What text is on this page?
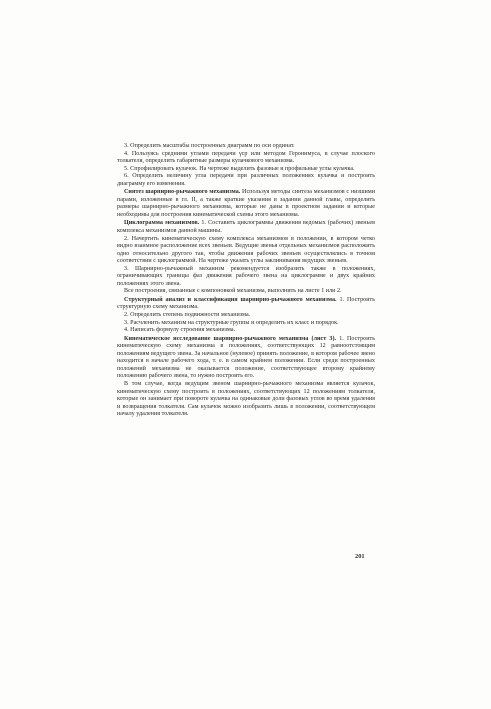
3. Определить масштабы построенных диаграмм по оси ординат.

4. Пользуясь средними углами передачи γср или методом Геронимуса, в случае плоского толкателя, определить габаритные размеры кулачкового механизма.

5. Спрофилировать кулачок. На чертеже выделить фазовые и профильные углы кулачка.

6. Определить величину угла передачи при различных положениях кулачка и построить диаграмму его изменения.

Синтез шарнирно-рычажного механизма. Используя методы синтеза механизмов с низшими парами, изложенные в гл. II, а также краткие указания в задании данной главы, определить размеры шарнирно-рычажного механизма, которые не даны в проектном задании и которые необходимы для построения кинематической схемы этого механизма.

Циклограмма механизмов. 1. Составить циклограммы движения ведомых (рабочих) звеньев комплекса механизмов данной машины.

2. Начертить кинематическую схему комплекса механизмов в положении, в котором четко видно взаимное расположение всех звеньев. Ведущие звенья отдельных механизмов расположить одно относительно другого так, чтобы движения рабочих звеньев осуществлялись в точном соответствии с циклограммой. На чертеже указать углы заклинивания ведущих звеньев.

3. Шарнирно-рычажный механизм рекомендуется изобразить также в положениях, ограничивающих границы фаз движения рабочего звена на циклограмме и двух крайних положениях этого звена.

Все построения, связанные с компоновкой механизма, выполнить на листе 1 или 2.

Структурный анализ и классификация шарнирно-рычажного механизма. 1. Построить структурную схему механизма.

2. Определить степень подвижности механизма.

3. Расчленить механизм на структурные группы и определить их класс и порядок.

4. Написать формулу строения механизма.

Кинематическое исследование шарнирно-рычажного механизма (лист 3). 1. Построить кинематическую схему механизма в положениях, соответствующих 12 равноотстоящим положениям ведущего звена. За начальное (нулевое) принять положение, в котором рабочее звено находится в начале рабочего хода, т. е. в самом крайнем положении. Если среди построенных положений механизма не оказывается положение, соответствующее второму крайнему положению рабочего звена, то нужно построить его.

В том случае, когда ведущим звеном шарнирно-рычажного механизма является кулачок, кинематическую схему построить в положениях, соответствующих 12 положениям толкателя, которые он занимает при повороте кулачка на одинаковые доли фазовых углов во время удаления и возвращения толкателя. Сам кулачок можно изобразить лишь в положении, соответствующем началу удаления толкателя.

201
